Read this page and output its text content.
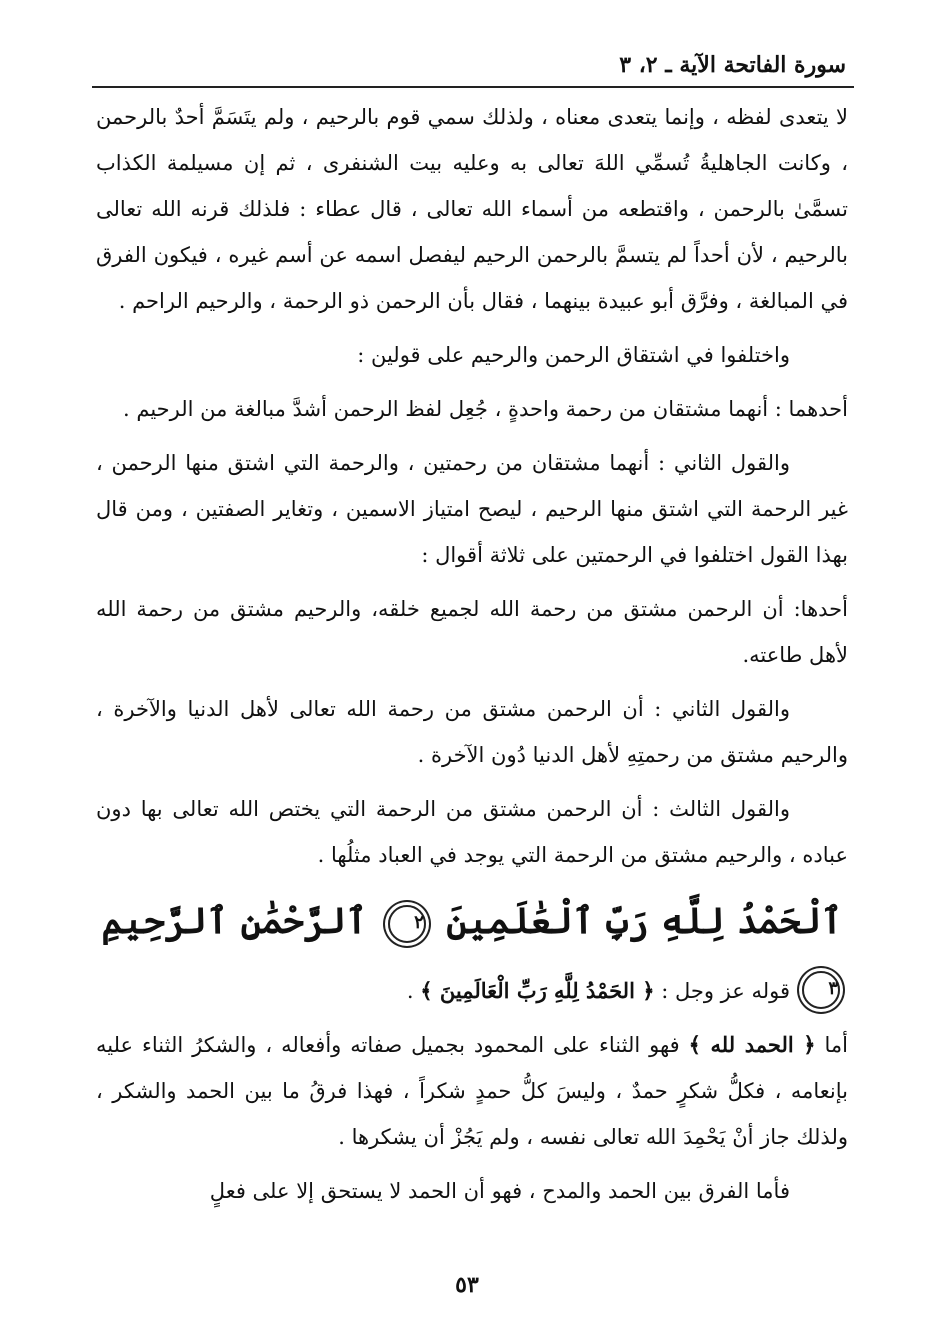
سورة الفاتحة الآية ـ ٢، ٣

لا يتعدى لفظه ، وإنما يتعدى معناه ، ولذلك سمي قوم بالرحيم ، ولم يتَسَمَّ أحدٌ بالرحمن ، وكانت الجاهليةُ تُسمِّي اللهَ تعالى به وعليه بيت الشنفرى ، ثم إن مسيلمة الكذاب تسمَّىٰ بالرحمن ، واقتطعه من أسماء الله تعالى ، قال عطاء : فلذلك قرنه الله تعالى بالرحيم ، لأن أحداً لم يتسمَّ بالرحمن الرحيم ليفصل اسمه عن أسم غيره ، فيكون الفرق في المبالغة ، وفرَّق أبو عبيدة بينهما ، فقال بأن الرحمن ذو الرحمة ، والرحيم الراحم .

واختلفوا في اشتقاق الرحمن والرحيم على قولين :

أحدهما : أنهما مشتقان من رحمة واحدةٍ ، جُعِل لفظ الرحمن أشدَّ مبالغة من الرحيم .

والقول الثاني : أنهما مشتقان من رحمتين ، والرحمة التي اشتق منها الرحمن ، غير الرحمة التي اشتق منها الرحيم ، ليصح امتياز الاسمين ، وتغاير الصفتين ، ومن قال بهذا القول اختلفوا في الرحمتين على ثلاثة أقوال :

أحدها: أن الرحمن مشتق من رحمة الله لجميع خلقه، والرحيم مشتق من رحمة الله لأهل طاعته.

والقول الثاني : أن الرحمن مشتق من رحمة الله تعالى لأهل الدنيا والآخرة ، والرحيم مشتق من رحمتِهِ لأهل الدنيا دُون الآخرة .

والقول الثالث : أن الرحمن مشتق من الرحمة التي يختص الله تعالى بها دون عباده ، والرحيم مشتق من الرحمة التي يوجد في العباد مثلُها .

ٱلْحَمْدُ لِلَّهِ رَبِّ ٱلْعَٰلَمِينَ ٢ ٱلرَّحْمَٰنِ ٱلرَّحِيمِ ٣

قوله عز وجل : ﴿ الحَمْدُ لِلَّهِ رَبِّ الْعَالَمِينَ ﴾ .

أما ﴿ الحمد لله ﴾ فهو الثناء على المحمود بجميل صفاته وأفعاله ، والشكرُ الثناء عليه بإنعامه ، فكلُّ شكرٍ حمدٌ ، وليسَ كلُّ حمدٍ شكراً ، فهذا فرقُ ما بين الحمد والشكر ، ولذلك جاز أنْ يَحْمِدَ الله تعالى نفسه ، ولم يَجُزْ أن يشكرها .

فأما الفرق بين الحمد والمدح ، فهو أن الحمد لا يستحق إلا على فعلٍ

٥٣
